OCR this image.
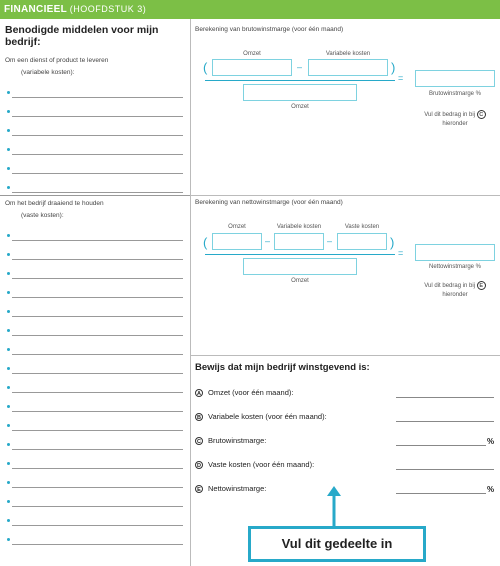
FINANCIEEL (HOOFDSTUK 3)
Benodigde middelen voor mijn bedrijf:
Om een dienst of product te leveren
(variabele kosten):
Om het bedrijf draaiend te houden
(vaste kosten):
Berekening van brutowinstmarge (voor één maand)
Omzet	Variabele kosten
(	–	)
=
Omzet
Brutowinstmarge %
Vul dit bedrag in bij C
hieronder
Berekening van nettowinstmarge (voor één maand)
Omzet	Variabele kosten	Vaste kosten
(	–	–	)
=
Omzet
Nettowinstmarge %
Vul dit bedrag in bij E
hieronder
Bewijs dat mijn bedrijf winstgevend is:
A Omzet (voor één maand):
B Variabele kosten (voor één maand):
C Brutowinstmarge:	%
D Vaste kosten (voor één maand):
E Nettowinstmarge:	%
Vul dit gedeelte in
